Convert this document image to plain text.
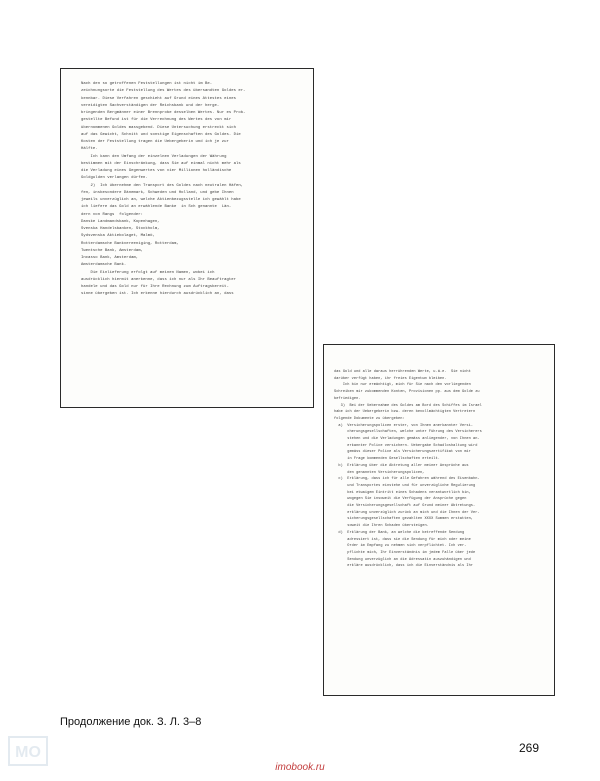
Nach den so getroffenen Feststellungen ist nicht im Be-

zeichnungsorte die Feststellung des Wertes des übersandten Goldes er-

kennbar. Diese Verfahren geschieht auf Grund eines Attestes eines

vereidigten Sachverständigen der Reichsbank und der herge-

bringenden Bergmänner einer Brennprobe desselben Wertes. Nur es Prob-

gestellte Befund ist für die Verrechnung des Wertes des von mir

übernommenen Goldes massgebend. Diese Untersuchung erstreckt sich

auf das Gewicht, Schnitt und sonstige Eigenschaften des Goldes. Die

Kosten der Feststellung tragen die Uebergeberin und ich je zur

Hälfte.

Ich kann den Umfang der einzelnen Verladungen der Währung

bestimmen mit der Einschränkung, dass Sie auf einmal nicht mehr als

die Verladung eines Gegenwertes von vier Millionen holländische

Goldgulden verlangen dürfen.

2)  Ich übernehme den Transport des Goldes nach neutralen Häfen,

fen, insbesondere Dänemark, Schweden und Holland, und gebe Ihnen

jeweils unverzüglich an, welche Aktienbezugsstelle ich gewählt habe

ich liefere das Gold an erwählende Banke  in Sch genannte  Län-

dern von Rangs  folgender:

Danske Landmandsbank, Kopenhagen,

Svenska Handelsbanken, Stockholm,

Sydsvenska Aktiebolaget, Malmö,

Rotterdamsche Bankvereeniging, Rotterdam,

Twentsche Bank, Amsterdam,

Incasso Bank, Amsterdam,

Amsterdamsche Bank.

Die Einlieferung erfolgt auf meinen Namen, wobei ich

ausdrücklich hiermit anerkenne, dass ich nur als Ihr Beauftragter

handele und das Gold nur für Ihre Rechnung zum Auftragsbereit-

sinne übergeben ist. Ich erkenne hierdurch ausdrücklich an, dass

das Gold und alle daraus herrührenden Werte, u.ä.e.  Sie nicht

darüber verfügt haben, ihr freies Eigentum bleiben.

Ich bin nur ermächtigt, mich für Sie nach den vorliegenden

Schreiben mir zukommenden Konten, Provisionen pp. aus dem Golde zu

befriedigen.

3)  Bei der Uebernahme des Goldes am Bord des Schiffes im Israel

habe ich der Uebergeberin bzw. deren bevollmächtigten Vertretern

folgende Dokumente zu übergeben:

a)  Versicherungspolicen erster, von Ihnen anerkannter Versi-

cherungsgesellschaften, welche unter Führung des Versicherers

stehen und die Verladungen gemäss anliegender, von Ihnen an-

erkannter Police versichern. Uebergabe Schadloshaltung wird

gemäss dieser Police als Versicherungszertifikat von mir

in Frage kommenden Gesellschaften erteilt.

b)  Erklärung über die Abtretung aller meiner Ansprüche aus

den genannten Versicherungspolicen,

c)  Erklärung, dass ich für alle Gefahren während des Eisenbahn-

und Transportes einstehe und für unverzügliche Regulierung

bei etwaigem Eintritt eines Schadens verantwortlich bin,

wogegen Sie insoweit die Verfügung der Ansprüche gegen

die Versicherungsgesellschaft auf Grund meiner Abtretungs-

erklärung unverzüglich zurück an mich und die Ihnen der Ver-

sicherungsgesellschaften gezahlten XXXX Summen erstatten,

soweit die Ihren Schaden übersteigen.

d)  Erklärung der Bank, an welche die betreffende Sendung

adressiert ist, dass sie die Sendung für mich oder meine

Order im Empfang zu nehmen sich verpflichtet. Ich ver-

pflichte mich, Ihr Einverständnis im jedem Falle über jede

Sendung unverzüglich an die Adressatin auszuhändigen und

erkläre ausdrücklich, dass ich die Einverständnis als Ihr

Продолжение док. З. Л. 3–8

269

imobook.ru

МО
